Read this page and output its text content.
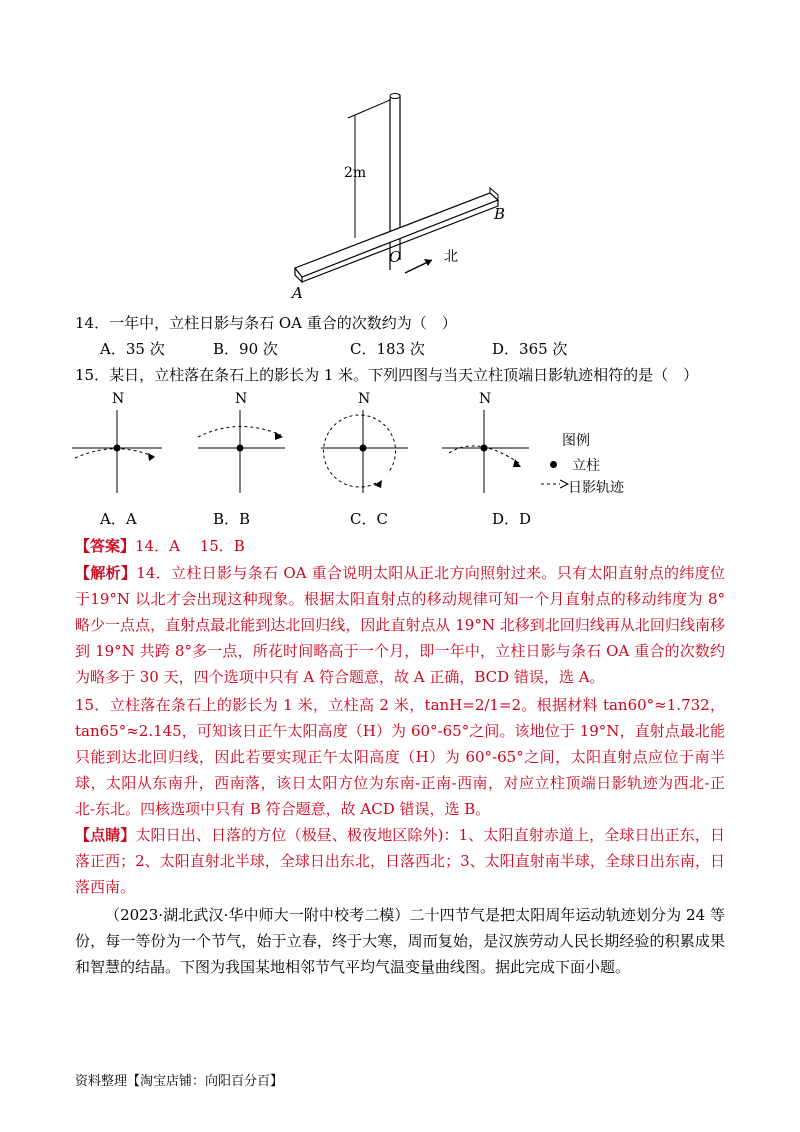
2m
O
A
B
北
14．一年中，立柱日影与条石 OA 重合的次数约为（　）
A．35 次	B．90 次	C．183 次	D．365 次
15．某日，立柱落在条石上的影长为 1 米。下列四图与当天立柱顶端日影轨迹相符的是（　）
N	N	N	N
图例
立柱
日影轨迹
A．A	B．B	C．C	D．D
【答案】14．A　 15．B
【解析】14．立柱日影与条石 OA 重合说明太阳从正北方向照射过来。只有太阳直射点的纬度位于19°N 以北才会出现这种现象。根据太阳直射点的移动规律可知一个月直射点的移动纬度为 8°略少一点点，直射点最北能到达北回归线，因此直射点从 19°N 北移到北回归线再从北回归线南移到 19°N 共跨 8°多一点，所花时间略高于一个月，即一年中，立柱日影与条石 OA 重合的次数约为略多于 30 天，四个选项中只有 A 符合题意，故 A 正确，BCD 错误，选 A。
15．立柱落在条石上的影长为 1 米，立柱高 2 米，tanH=2/1=2。根据材料 tan60°≈1.732，tan65°≈2.145，可知该日正午太阳高度（H）为 60°-65°之间。该地位于 19°N，直射点最北能只能到达北回归线，因此若要实现正午太阳高度（H）为 60°-65°之间，太阳直射点应位于南半球，太阳从东南升，西南落，该日太阳方位为东南-正南-西南，对应立柱顶端日影轨迹为西北-正北-东北。四核选项中只有 B 符合题意，故 ACD 错误，选 B。
【点睛】太阳日出、日落的方位（极昼、极夜地区除外)：1、太阳直射赤道上，全球日出正东，日落正西；2、太阳直射北半球，全球日出东北，日落西北；3、太阳直射南半球，全球日出东南，日落西南。
（2023·湖北武汉·华中师大一附中校考二模）二十四节气是把太阳周年运动轨迹划分为 24 等份，每一等份为一个节气，始于立春，终于大寒，周而复始，是汉族劳动人民长期经验的积累成果和智慧的结晶。下图为我国某地相邻节气平均气温变量曲线图。据此完成下面小题。
资料整理【淘宝店铺：向阳百分百】
